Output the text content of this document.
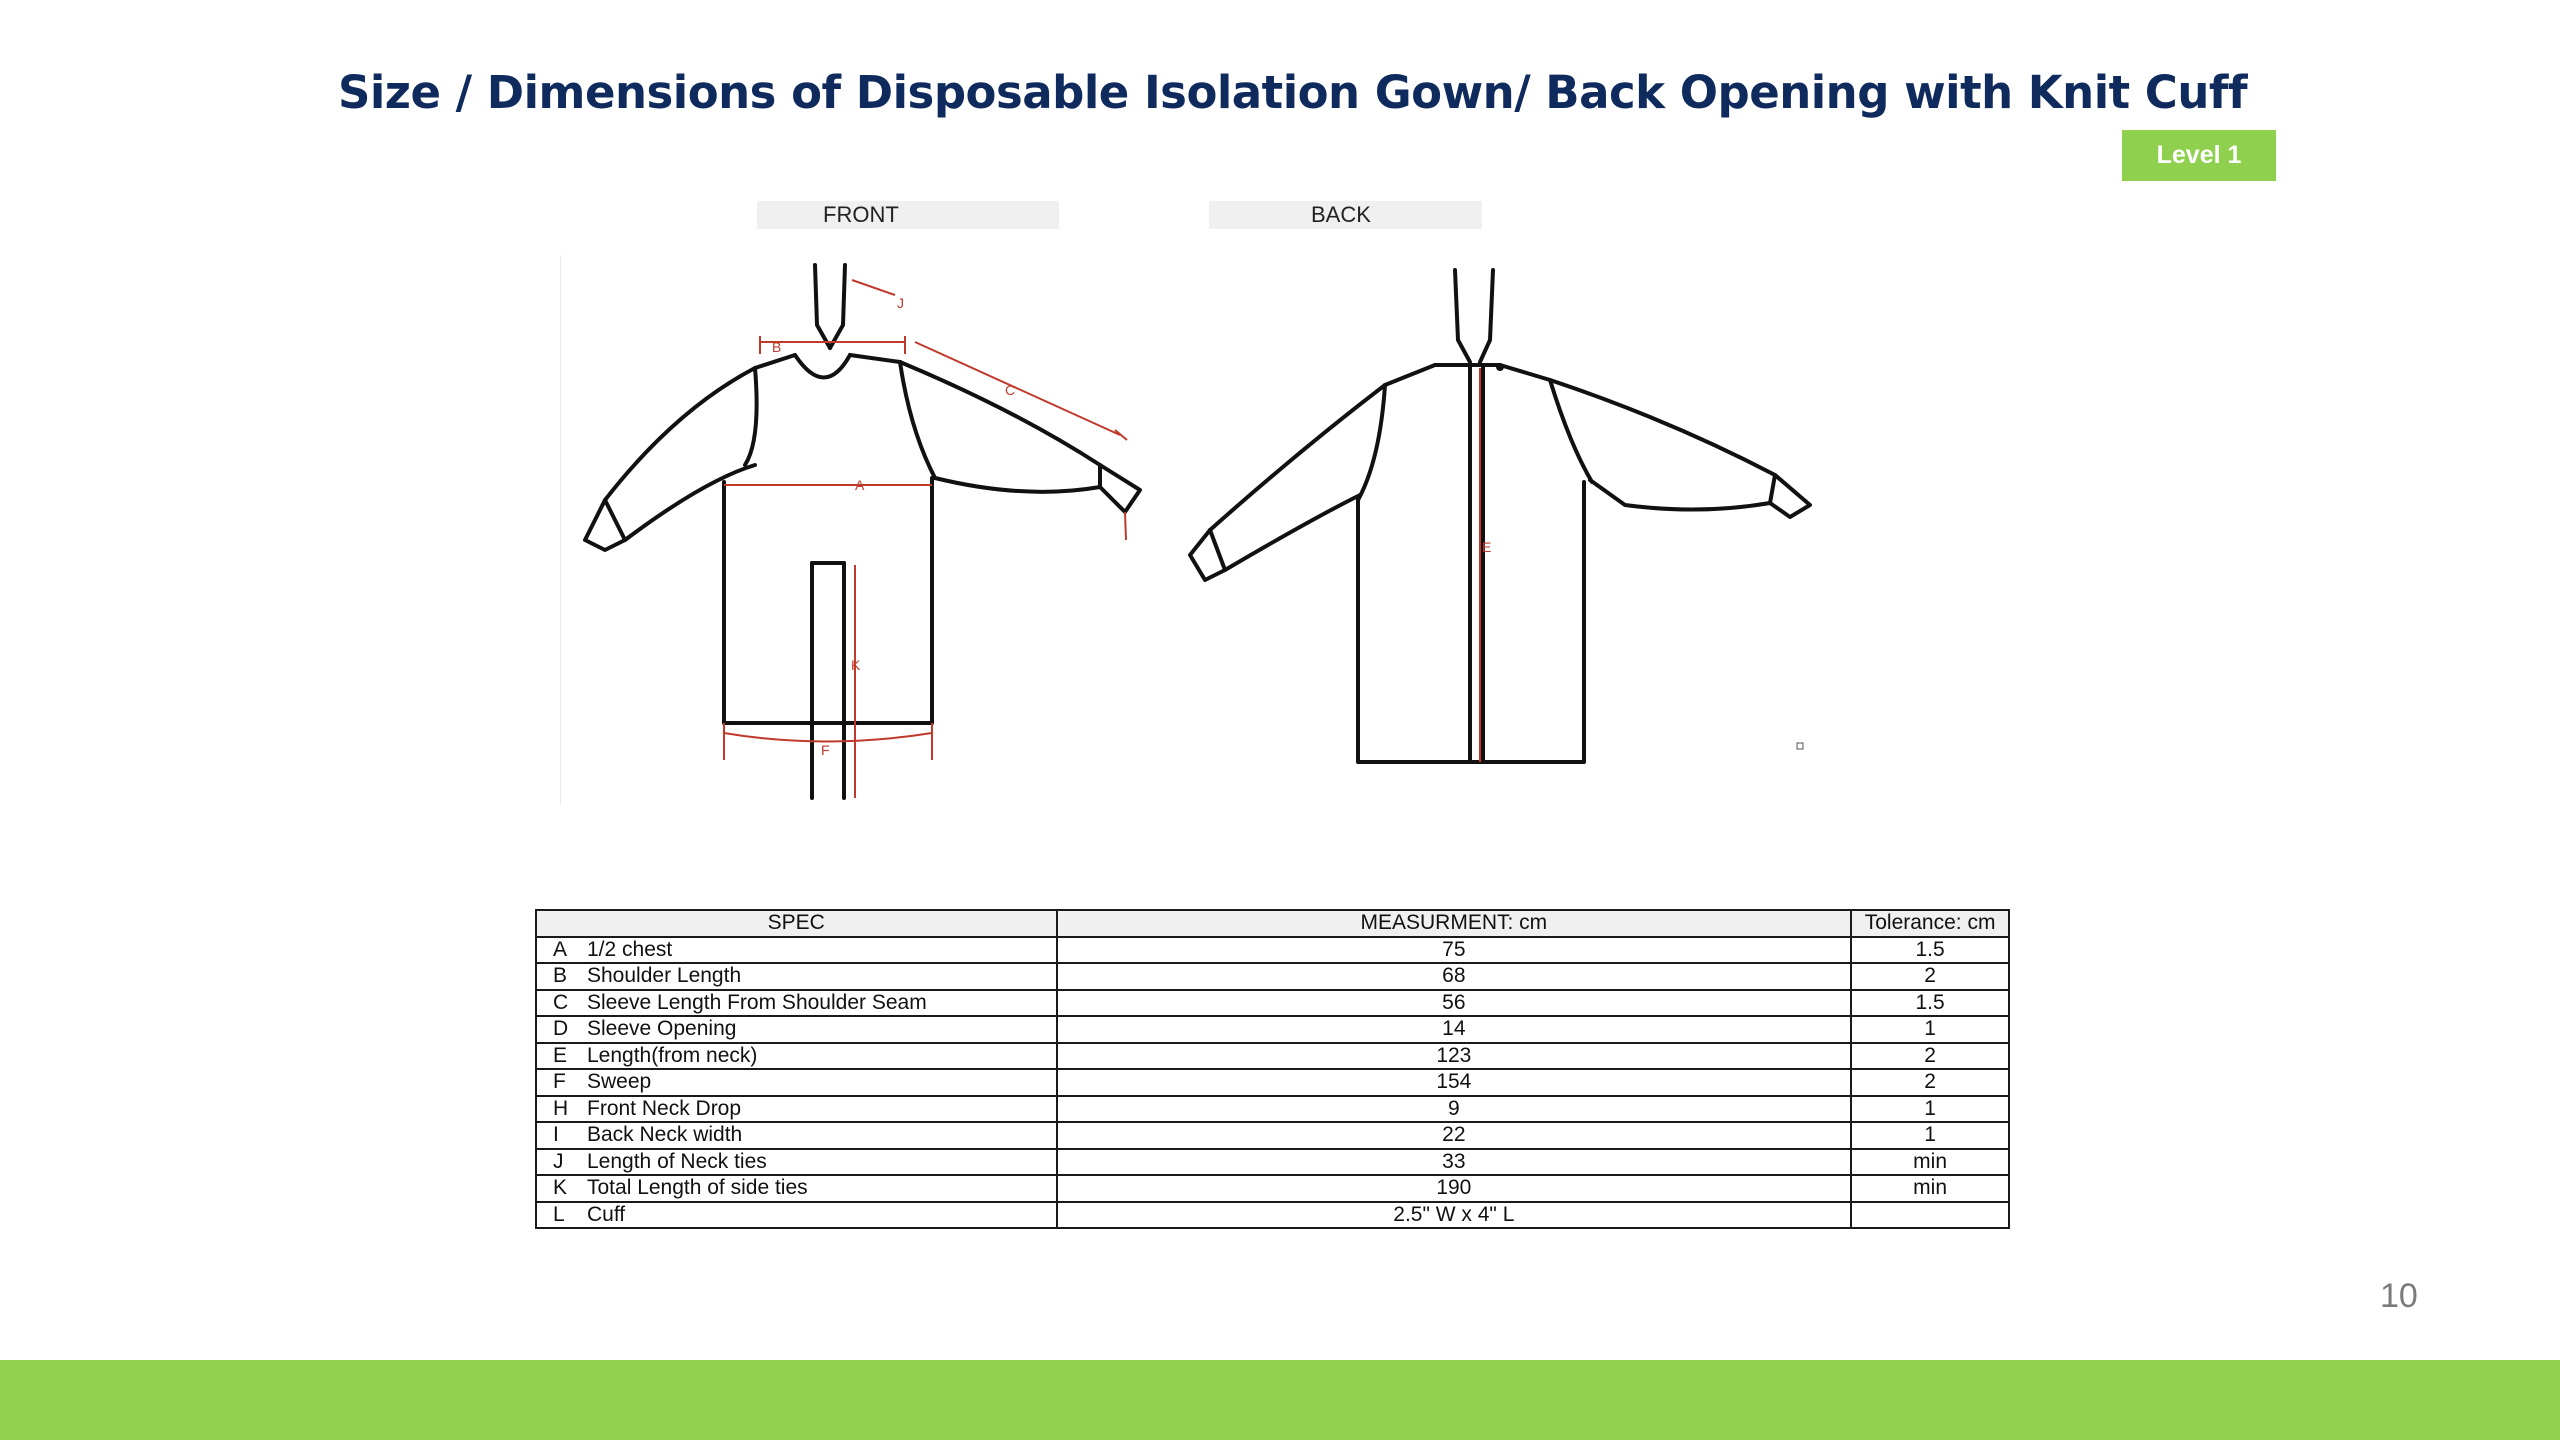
Size / Dimensions of Disposable Isolation Gown/ Back Opening with Knit Cuff
Level 1
FRONT	BACK
A
B
C
J
K
F
E
SPEC	MEASURMENT: cm	Tolerance: cm
A 1/2 chest	75	1.5
B Shoulder Length	68	2
C Sleeve Length From Shoulder Seam	56	1.5
D Sleeve Opening	14	1
E Length(from neck)	123	2
F Sweep	154	2
H Front Neck Drop	9	1
I Back Neck width	22	1
J Length of Neck ties	33	min
K Total Length of side ties	190	min
L Cuff	2.5" W x 4" L	
10
